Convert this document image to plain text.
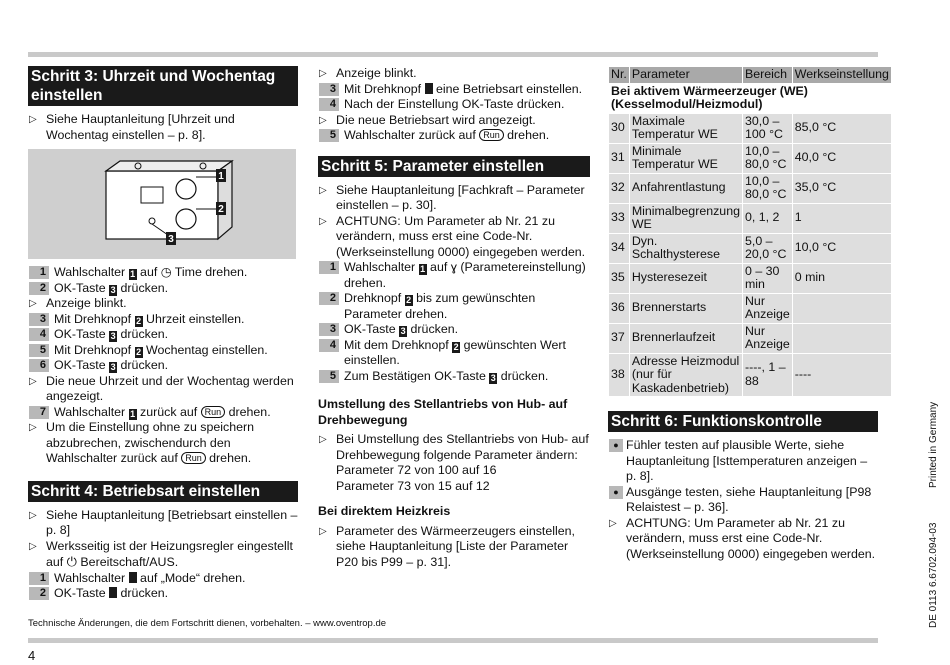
Schritt 3: Uhrzeit und Wochentag einstellen
▷ Siehe Hauptanleitung [Uhrzeit und Wochentag einstellen – p. 8].
1
2
3
1 Wahlschalter 1 auf ◷ Time drehen.
2 OK-Taste 3 drücken.
▷ Anzeige blinkt.
3 Mit Drehknopf 2 Uhrzeit einstellen.
4 OK-Taste 3 drücken.
5 Mit Drehknopf 2 Wochentag einstellen.
6 OK-Taste 3 drücken.
▷ Die neue Uhrzeit und der Wochentag werden angezeigt.
7 Wahlschalter 1 zurück auf Run drehen.
▷ Um die Einstellung ohne zu speichern abzubrechen, zwischendurch den Wahlschalter zurück auf Run drehen.
Schritt 4: Betriebsart einstellen
▷ Siehe Hauptanleitung [Betriebsart einstellen – p. 8]
▷ Werksseitig ist der Heizungsregler eingestellt auf ⏻ Bereitschaft/AUS.
1 Wahlschalter  auf „Mode“ drehen.
2 OK-Taste  drücken.
▷ Anzeige blinkt.
3 Mit Drehknopf  eine Betriebsart einstellen.
4 Nach der Einstellung OK-Taste drücken.
▷ Die neue Betriebsart wird angezeigt.
5 Wahlschalter zurück auf Run drehen.
Schritt 5: Parameter einstellen
▷ Siehe Hauptanleitung [Fachkraft – Parameter einstellen – p. 30].
▷ ACHTUNG: Um Parameter ab Nr. 21 zu verändern, muss erst eine Code-Nr. (Werkseinstellung 0000) eingegeben werden.
1 Wahlschalter 1 auf ɣ (Parametereinstellung) drehen.
2 Drehknopf 2 bis zum gewünschten Parameter drehen.
3 OK-Taste 3 drücken.
4 Mit dem Drehknopf 2 gewünschten Wert einstellen.
5 Zum Bestätigen OK-Taste 3 drücken.
Umstellung des Stellantriebs von Hub- auf Drehbewegung
▷ Bei Umstellung des Stellantriebs von Hub- auf Drehbewegung folgende Parameter ändern:
Parameter 72 von 100 auf 16
Parameter 73 von 15 auf 12
Bei direktem Heizkreis
▷ Parameter des Wärmeerzeugers einstellen, siehe Hauptanleitung [Liste der Parameter P20 bis P99 – p. 31].
Nr.	Parameter	Bereich	Werkseinstellung
Bei aktivem Wärmeerzeuger (WE) (Kesselmodul/Heizmodul)			
30	Maximale Temperatur WE	30,0 – 100 °C	85,0 °C
31	Minimale Temperatur WE	10,0 – 80,0 °C	40,0 °C
32	Anfahrentlastung	10,0 – 80,0 °C	35,0 °C
33	Minimalbegrenzung WE	0, 1, 2	1
34	Dyn. Schalthysterese	5,0 – 20,0 °C	10,0 °C
35	Hysteresezeit	0 – 30 min	0 min
36	Brennerstarts	Nur Anzeige	
37	Brennerlaufzeit	Nur Anzeige	
38	Adresse Heizmodul (nur für Kaskadenbetrieb)	----, 1 – 88	----
Schritt 6: Funktionskontrolle
● Fühler testen auf plausible Werte, siehe Hauptanleitung [Isttemperaturen anzeigen – p. 8].
● Ausgänge testen, siehe Hauptanleitung [P98 Relaistest – p. 36].
▷ ACHTUNG: Um Parameter ab Nr. 21 zu verändern, muss erst eine Code-Nr. (Werkseinstellung 0000) eingegeben werden.
Technische Änderungen, die dem Fortschritt dienen, vorbehalten. – www.oventrop.de
4
DE 0113 6.6702.094-03
Printed in Germany
